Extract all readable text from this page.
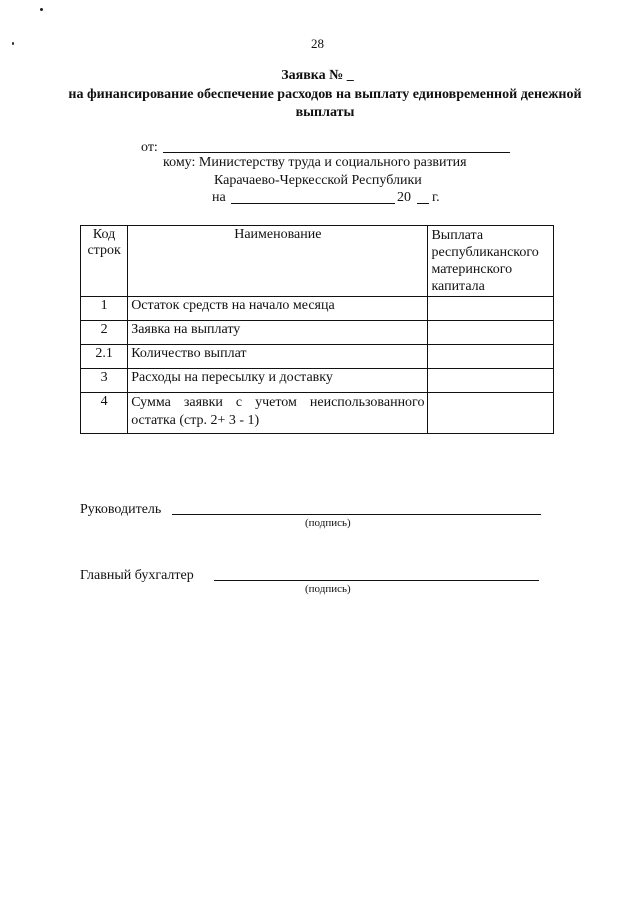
28
Заявка № _
на финансирование обеспечение расходов на выплату единовременной денежной выплаты
от:
кому: Министерству труда и социального развития
Карачаево-Черкесской Республики
на	20 г.
Код строк	Наименование	Выплата республиканского материнского капитала
1	Остаток средств на начало месяца	
2	Заявка на выплату	
2.1	Количество выплат	
3	Расходы на пересылку и доставку	
4	Сумма заявки с учетом неиспользованного остатка (стр. 2+ 3 - 1)	
Руководитель
(подпись)
Главный бухгалтер
(подпись)
